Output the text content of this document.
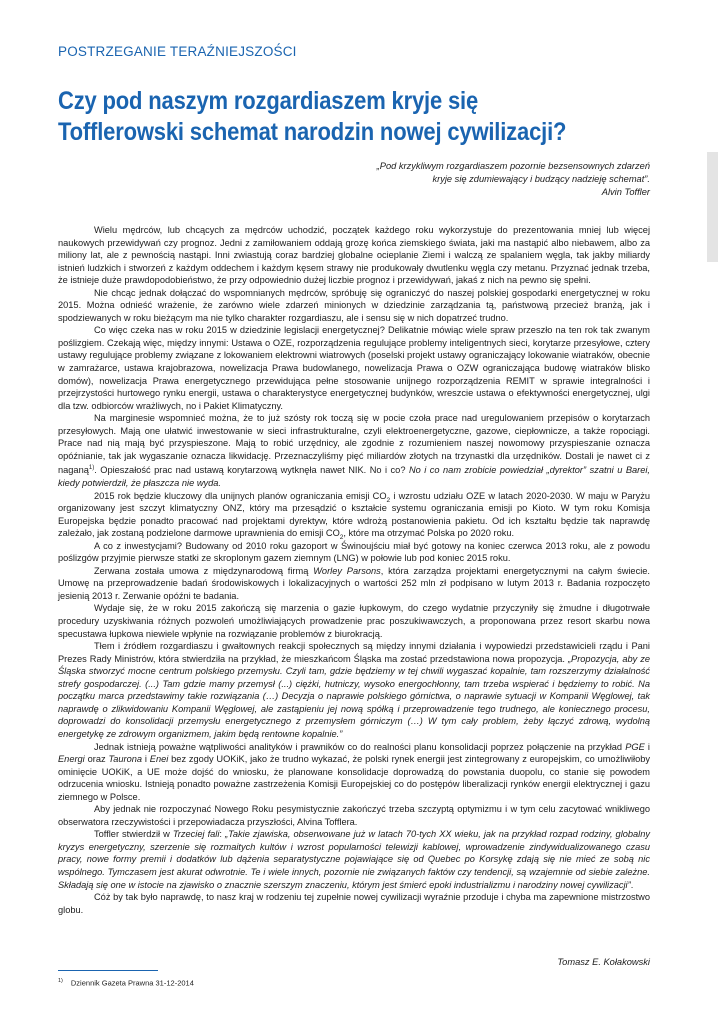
POSTRZEGANIE TERAŹNIEJSZOŚCI
Czy pod naszym rozgardiaszem kryje się Tofflerowski schemat narodzin nowej cywilizacji?
„Pod krzykliwym rozgardiaszem pozornie bezsensownych zdarzeń
kryje się zdumiewający i budzący nadzieję schemat”.
Alvin Toffler

Wielu mędrców, lub chcących za mędrców uchodzić, początek każdego roku wykorzystuje do prezentowania mniej lub więcej naukowych przewidywań czy prognoz. Jedni z zamiłowaniem oddają grozę końca ziemskiego świata, jaki ma nastąpić albo niebawem, albo za miliony lat, ale z pewnością nastąpi. Inni zwiastują coraz bardziej globalne ocieplanie Ziemi i walczą ze spalaniem węgla, tak jakby miliardy istnień ludzkich i stworzeń z każdym oddechem i każdym kęsem strawy nie produkowały dwutlenku węgla czy metanu. Przyznać jednak trzeba, że istnieje duże prawdopodobieństwo, że przy odpowiednio dużej liczbie prognoz i przewidywań, jakaś z nich na pewno się spełni.

Nie chcąc jednak dołączać do wspomnianych mędrców, spróbuję się ograniczyć do naszej polskiej gospodarki energetycznej w roku 2015. Można odnieść wrażenie, że zarówno wiele zdarzeń minionych w dziedzinie zarządzania tą, państwową przecież branżą, jak i spodziewanych w roku bieżącym ma nie tylko charakter rozgardiaszu, ale i sensu się w nich dopatrzeć trudno.

Co więc czeka nas w roku 2015 w dziedzinie legislacji energetycznej? Delikatnie mówiąc wiele spraw przeszło na ten rok tak zwanym poślizgiem. Czekają więc, między innymi: Ustawa o OZE, rozporządzenia regulujące problemy inteligentnych sieci, korytarze przesyłowe, cztery ustawy regulujące problemy związane z lokowaniem elektrowni wiatrowych (poselski projekt ustawy ograniczający lokowanie wiatraków, obecnie w zamrażarce, ustawa krajobrazowa, nowelizacja Prawa budowlanego, nowelizacja Prawa o OZW ograniczająca budowę wiatraków blisko domów), nowelizacja Prawa energetycznego przewidująca pełne stosowanie unijnego rozporządzenia REMIT w sprawie integralności i przejrzystości hurtowego rynku energii, ustawa o charakterystyce energetycznej budynków, wreszcie ustawa o efektywności energetycznej, ulgi dla tzw. odbiorców wrażliwych, no i Pakiet Klimatyczny.

Na marginesie wspomnieć można, że to już szósty rok toczą się w pocie czoła prace nad uregulowaniem przepisów o korytarzach przesyłowych. Mają one ułatwić inwestowanie w sieci infrastrukturalne, czyli elektroenergetyczne, gazowe, ciepłownicze, a także ropociągi. Prace nad nią mają być przyspieszone. Mają to robić urzędnicy, ale zgodnie z rozumieniem naszej nowomowy przyspieszanie oznacza opóźnianie, tak jak wygaszanie oznacza likwidację. Przeznaczyliśmy pięć miliardów złotych na trzynastki dla urzędników. Dostali je nawet ci z naganą$^{1)}$. Opieszałość prac nad ustawą korytarzową wytknęła nawet NIK. No i co? No i co nam zrobicie powiedział „dyrektor” szatni u Barei, kiedy potwierdził, że płaszcza nie wyda.

2015 rok będzie kluczowy dla unijnych planów ograniczania emisji $CO_2$ i wzrostu udziału OZE w latach 2020-2030. W maju w Paryżu organizowany jest szczyt klimatyczny ONZ, który ma przesądzić o kształcie systemu ograniczania emisji po Kioto. W tym roku Komisja Europejska będzie ponadto pracować nad projektami dyrektyw, które wdrożą postanowienia pakietu. Od ich kształtu będzie tak naprawdę zależało, jak zostaną podzielone darmowe uprawnienia do emisji $CO_2$, które ma otrzymać Polska po 2020 roku.

A co z inwestycjami? Budowany od 2010 roku gazoport w Świnoujściu miał być gotowy na koniec czerwca 2013 roku, ale z powodu poślizgów przyjmie pierwsze statki ze skroplonym gazem ziemnym (LNG) w połowie lub pod koniec 2015 roku.

Zerwana została umowa z międzynarodową firmą Worley Parsons, która zarządza projektami energetycznymi na całym świecie. Umowę na przeprowadzenie badań środowiskowych i lokalizacyjnych o wartości 252 mln zł podpisano w lutym 2013 r. Badania rozpoczęto jesienią 2013 r. Zerwanie opóźni te badania.

Wydaje się, że w roku 2015 zakończą się marzenia o gazie łupkowym, do czego wydatnie przyczyniły się żmudne i długotrwałe procedury uzyskiwania różnych pozwoleń umożliwiających prowadzenie prac poszukiwawczych, a proponowana przez resort skarbu nowa specustawa łupkowa niewiele wpłynie na rozwiązanie problemów z biurokracją.

Tłem i źródłem rozgardiaszu i gwałtownych reakcji społecznych są między innymi działania i wypowiedzi przedstawicieli rządu i Pani Prezes Rady Ministrów, która stwierdziła na przykład, że mieszkańcom Śląska ma zostać przedstawiona nowa propozycja. „Propozycja, aby ze Śląska stworzyć mocne centrum polskiego przemysłu. Czyli tam, gdzie będziemy w tej chwili wygaszać kopalnie, tam rozszerzymy działalność strefy gospodarczej. (...) Tam gdzie mamy przemysł (...) ciężki, hutniczy, wysoko energochłonny, tam trzeba wspierać i będziemy to robić. Na początku marca przedstawimy takie rozwiązania (…) Decyzja o naprawie polskiego górnictwa, o naprawie sytuacji w Kompanii Węglowej, tak naprawdę o zlikwidowaniu Kompanii Węglowej, ale zastąpieniu jej nową spółką i przeprowadzenie tego trudnego, ale koniecznego procesu, doprowadzi do konsolidacji przemysłu energetycznego z przemysłem górniczym (…) W tym cały problem, żeby łączyć zdrową, wydolną energetykę ze zdrowym organizmem, jakim będą rentowne kopalnie.”

Jednak istnieją poważne wątpliwości analityków i prawników co do realności planu konsolidacji poprzez połączenie na przykład PGE i Energi oraz Taurona i Enei bez zgody UOKiK, jako że trudno wykazać, że polski rynek energii jest zintegrowany z europejskim, co umożliwiłoby ominięcie UOKiK, a UE może dojść do wniosku, że planowane konsolidacje doprowadzą do powstania duopolu, co stanie się powodem odrzucenia wniosku. Istnieją ponadto poważne zastrzeżenia Komisji Europejskiej co do postępów liberalizacji rynków energii elektrycznej i gazu ziemnego w Polsce.

Aby jednak nie rozpoczynać Nowego Roku pesymistycznie zakończyć trzeba szczyptą optymizmu i w tym celu zacytować wnikliwego obserwatora rzeczywistości i przepowiadacza przyszłości, Alvina Tofflera.

Toffler stwierdził w Trzeciej fali: „Takie zjawiska, obserwowane już w latach 70-tych XX wieku, jak na przykład rozpad rodziny, globalny kryzys energetyczny, szerzenie się rozmaitych kultów i wzrost popularności telewizji kablowej, wprowadzenie zindywidualizowanego czasu pracy, nowe formy premii i dodatków lub dążenia separatystyczne pojawiające się od Quebec po Korsykę zdają się nie mieć ze sobą nic wspólnego. Tymczasem jest akurat odwrotnie. Te i wiele innych, pozornie nie związanych faktów czy tendencji, są wzajemnie od siebie zależne. Składają się one w istocie na zjawisko o znacznie szerszym znaczeniu, którym jest śmierć epoki industrializmu i narodziny nowej cywilizacji”.

Cóż by tak było naprawdę, to nasz kraj w rodzeniu tej zupełnie nowej cywilizacji wyraźnie przoduje i chyba ma zapewnione mistrzostwo globu.

Tomasz E. Kołakowski
$^{1)}$ Dziennik Gazeta Prawna 31-12-2014
